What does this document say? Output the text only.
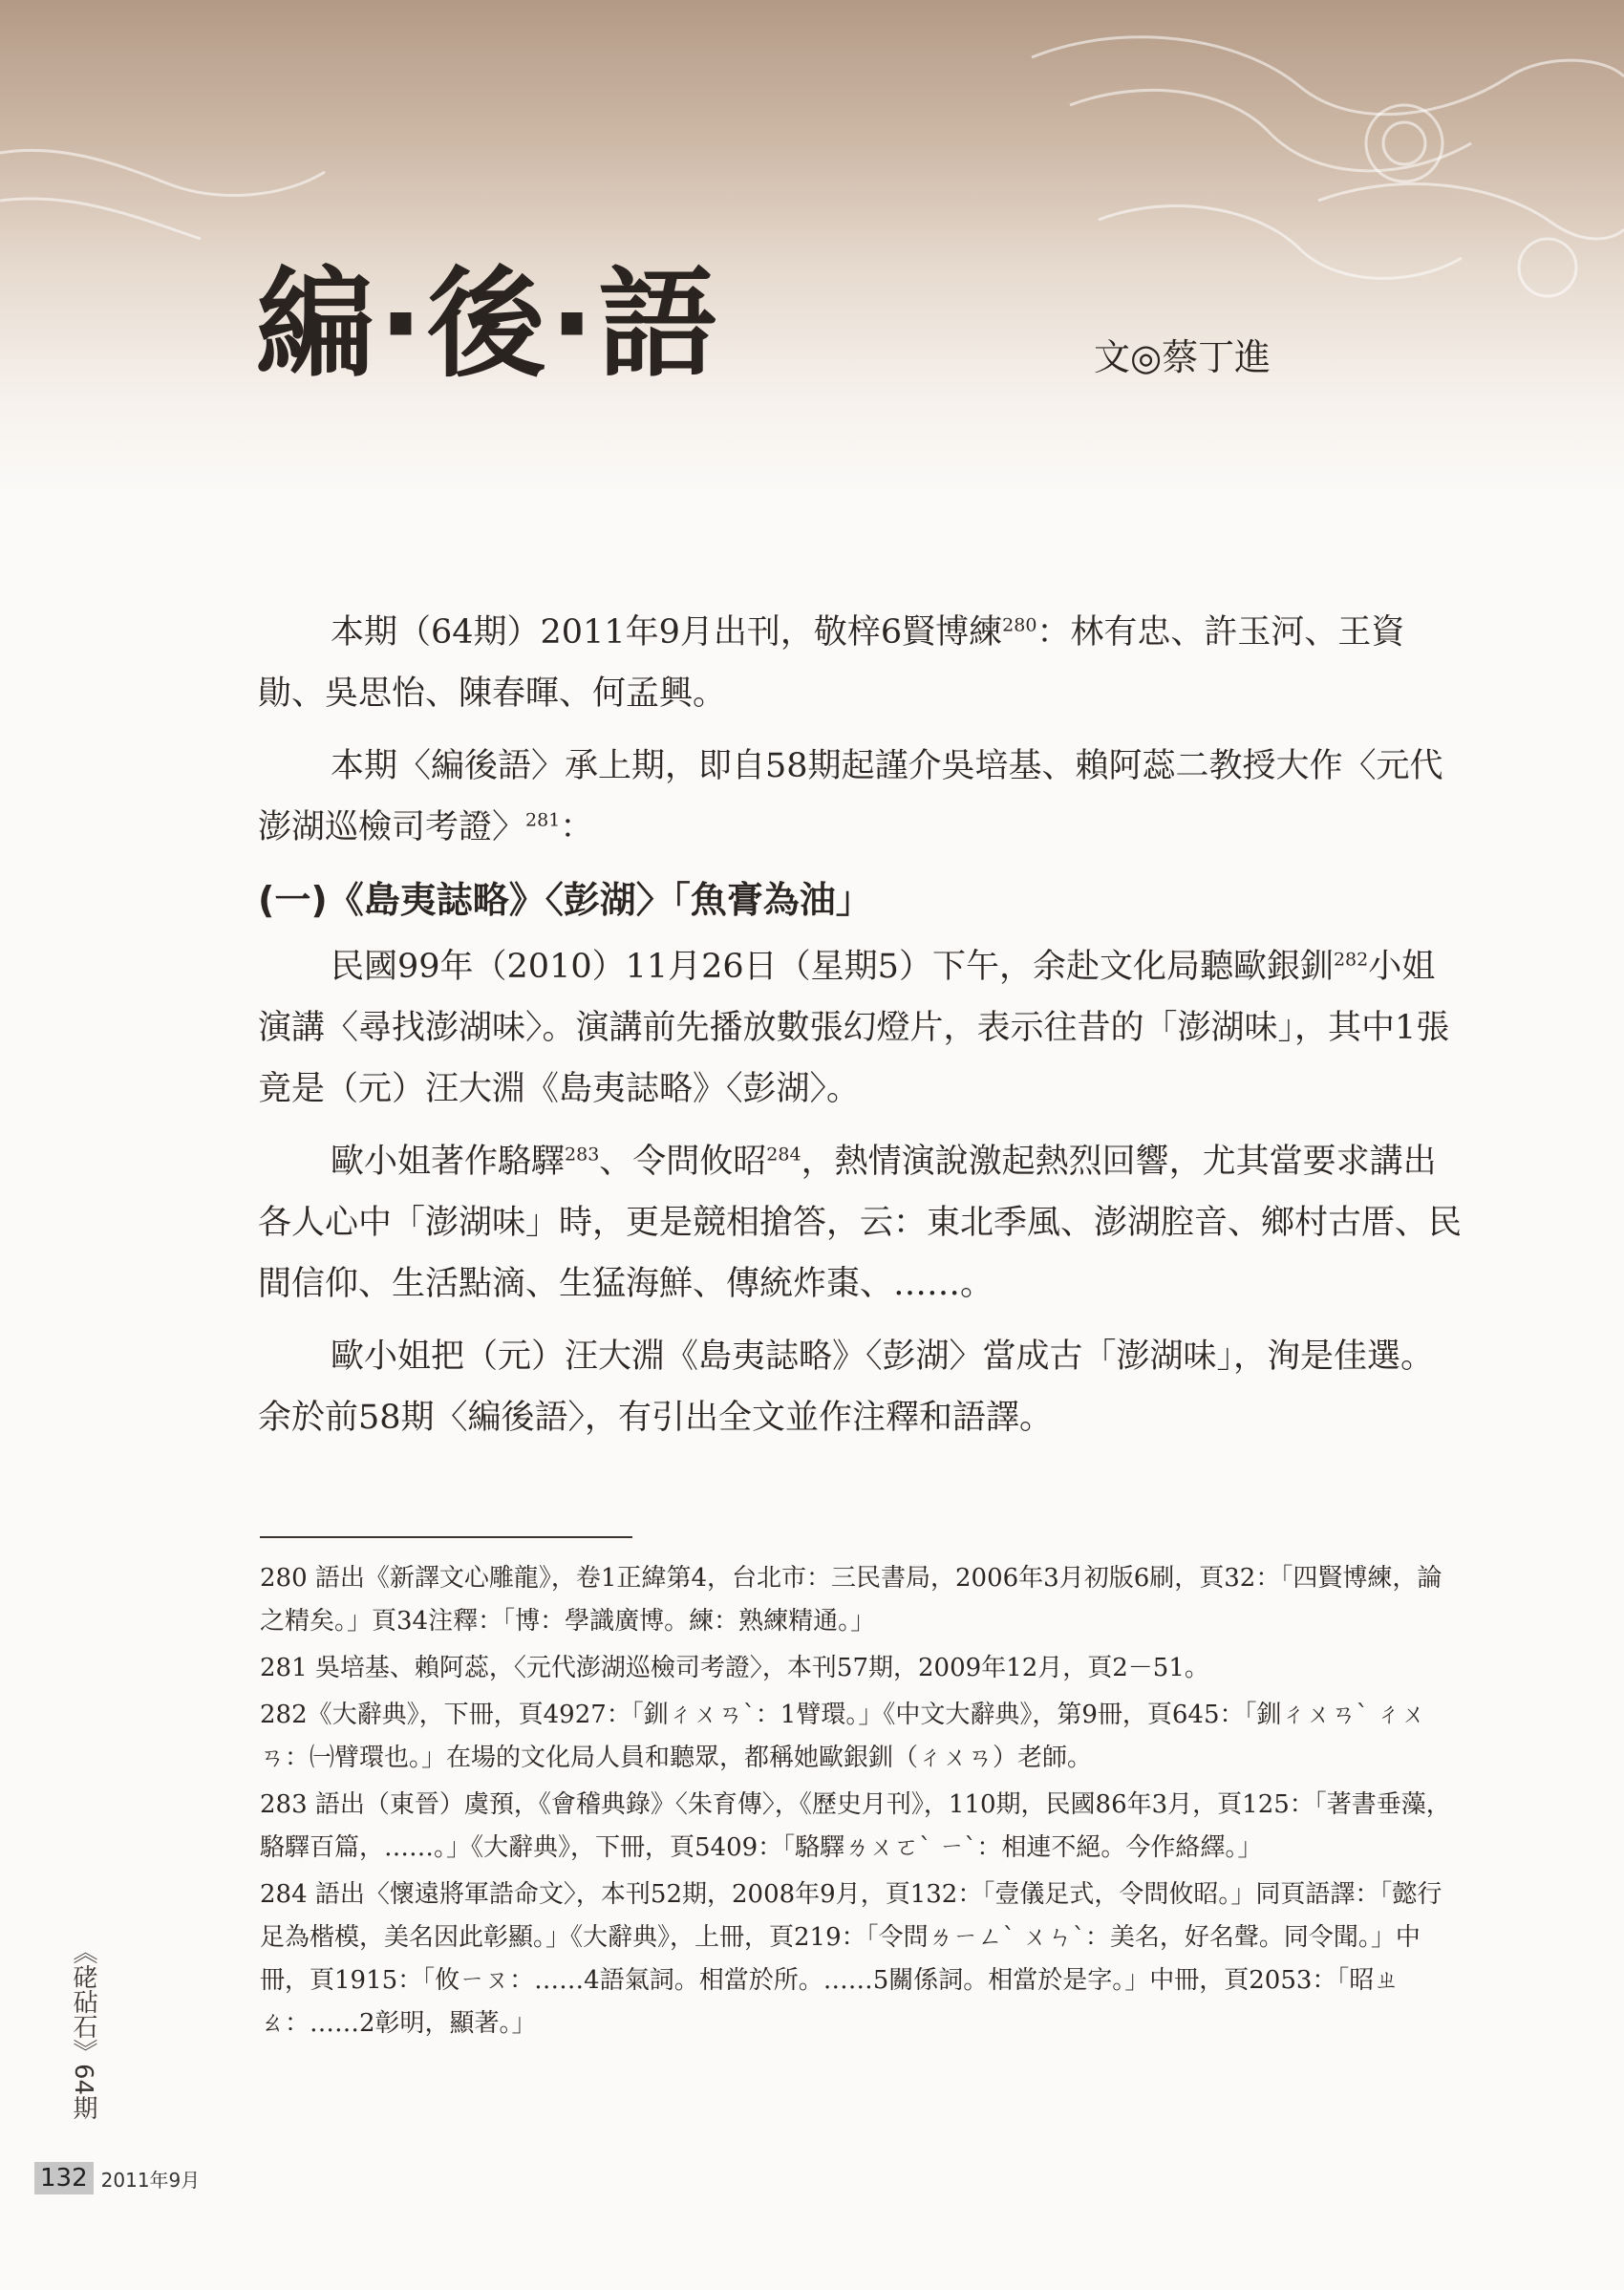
編‧後‧語	文◎蔡丁進

本期（64期）2011年9月出刊，敬梓6賢博練$^{280}$：林有忠、許玉河、王資勛、吳思怡、陳春暉、何孟興。

本期〈編後語〉承上期，即自58期起謹介吳培基、賴阿蕊二教授大作〈元代澎湖巡檢司考證〉$^{281}$：

(一)《島夷誌略》〈彭湖〉「魚膏為油」

民國99年（2010）11月26日（星期5）下午，余赴文化局聽歐銀釧$^{282}$小姐演講〈尋找澎湖味〉。演講前先播放數張幻燈片，表示往昔的「澎湖味」，其中1張竟是（元）汪大淵《島夷誌略》〈彭湖〉。

歐小姐著作駱驛$^{283}$、令問攸昭$^{284}$，熱情演說激起熱烈回響，尤其當要求講出各人心中「澎湖味」時，更是競相搶答，云：東北季風、澎湖腔音、鄉村古厝、民間信仰、生活點滴、生猛海鮮、傳統炸棗、……。

歐小姐把（元）汪大淵《島夷誌略》〈彭湖〉當成古「澎湖味」，洵是佳選。余於前58期〈編後語〉，有引出全文並作注釋和語譯。

280 語出《新譯文心雕龍》，卷1正緯第4，台北市：三民書局，2006年3月初版6刷，頁32：「四賢博練，論之精矣。」頁34注釋：「博：學識廣博。練：熟練精通。」
281 吳培基、賴阿蕊，〈元代澎湖巡檢司考證〉，本刊57期，2009年12月，頁2－51。
282《大辭典》，下冊，頁4927：「釧ㄔㄨㄢˋ：1臂環。」《中文大辭典》，第9冊，頁645：「釧ㄔㄨㄢˋ ㄔㄨㄢ：㈠臂環也。」在場的文化局人員和聽眾，都稱她歐銀釧（ㄔㄨㄢ）老師。
283 語出（東晉）虞預，《會稽典錄》〈朱育傳〉，《歷史月刊》，110期，民國86年3月，頁125：「著書垂藻，駱驛百篇，……。」《大辭典》，下冊，頁5409：「駱驛ㄌㄨㄛˋ ㄧˋ：相連不絕。今作絡繹。」
284 語出〈懷遠將軍誥命文〉，本刊52期，2008年9月，頁132：「壹儀足式，令問攸昭。」同頁語譯：「懿行足為楷模，美名因此彰顯。」《大辭典》，上冊，頁219：「令問ㄌㄧㄥˋ ㄨㄣˋ：美名，好名聲。同令聞。」中冊，頁1915：「攸ㄧㄡ：……4語氣詞。相當於所。……5關係詞。相當於是字。」中冊，頁2053：「昭ㄓㄠ：……2彰明，顯著。」
《硓砧石》64期
132 2011年9月
